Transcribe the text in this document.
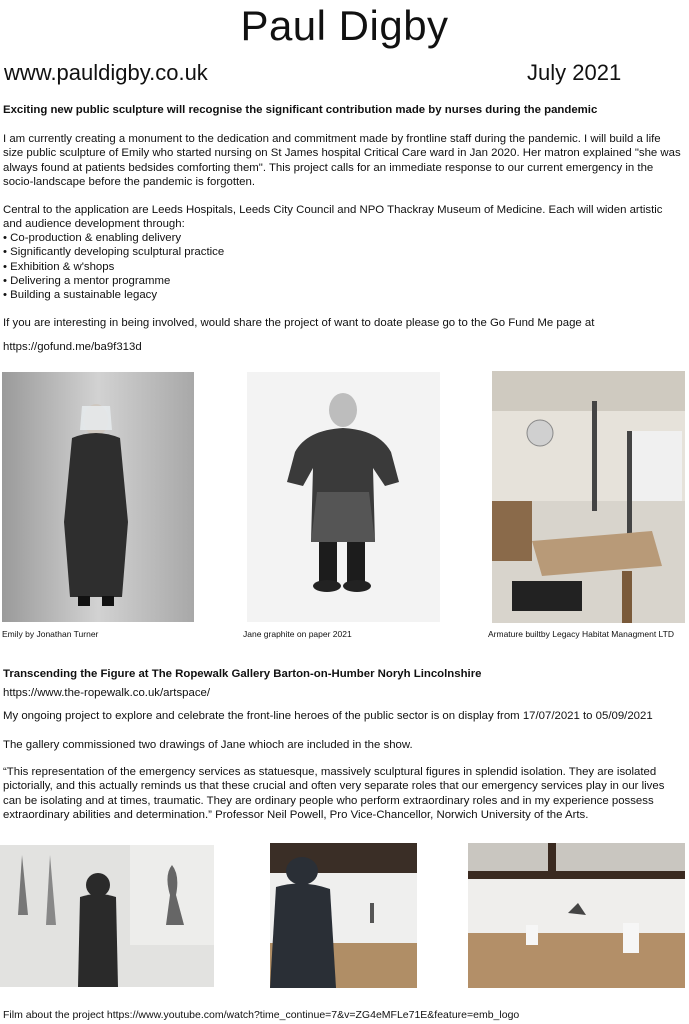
Paul Digby
www.pauldigby.co.uk	July 2021
Exciting new public sculpture will recognise the significant contribution made by nurses during the pandemic
I am currently creating a monument to the dedication and commitment made by frontline staff during the pandemic. I will build a life size public sculpture of Emily who started nursing on St James hospital Critical Care ward in Jan 2020. Her matron explained "she was always found at patients bedsides comforting them". This project calls for an immediate response to our current emergency in the socio-landscape before the pandemic is forgotten.
Central to the application are Leeds Hospitals, Leeds City Council and NPO Thackray Museum of Medicine. Each will widen artistic and audience development through:
• Co-production & enabling delivery
• Significantly developing sculptural practice
• Exhibition & w'shops
• Delivering a mentor programme
• Building a sustainable legacy
If you are interesting in being involved, would share the project of want to doate please go to the Go Fund Me page at
https://gofund.me/ba9f313d
Emily by Jonathan Turner	Jane graphite on paper 2021	Armature builtby Legacy Habitat Managment LTD
Transcending the Figure at The Ropewalk Gallery Barton-on-Humber Noryh Lincolnshire
https://www.the-ropewalk.co.uk/artspace/
My ongoing project to explore and celebrate the front-line heroes of the public sector is on display from 17/07/2021 to 05/09/2021
The gallery commissioned two drawings of Jane whioch are included in the show.
“This representation of the emergency services as statuesque, massively sculptural figures in splendid isolation. They are isolated pictorially, and this actually reminds us that these crucial and often very separate roles that our emergency services play in our lives can be isolating and at times, traumatic. They are ordinary people who perform extraordinary roles and in my experience possess extraordinary abilities and determination.” Professor Neil Powell, Pro Vice-Chancellor, Norwich University of the Arts.
Film about the project https://www.youtube.com/watch?time_continue=7&v=ZG4eMFLe71E&feature=emb_logo
